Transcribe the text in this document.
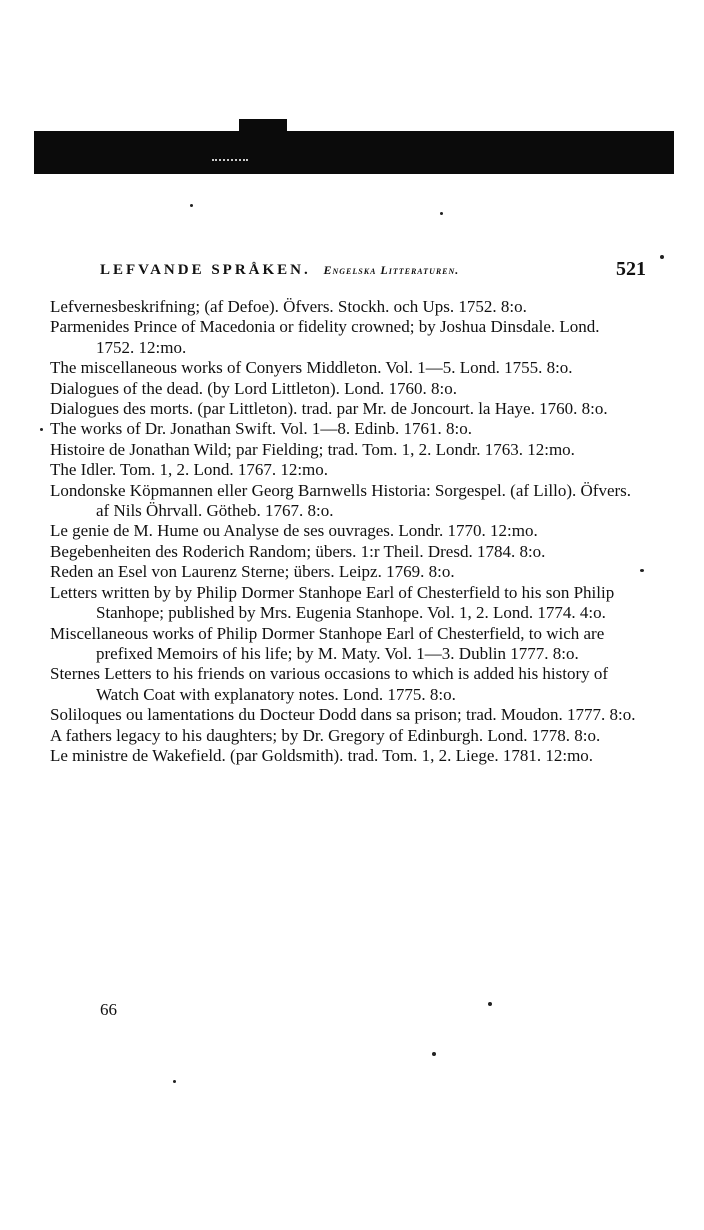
LEFVANDE SPRÅKEN. Engelska Litteraturen.	521

Lefvernesbeskrifning; (af Defoe). Öfvers. Stockh. och Ups. 1752. 8:o.

Parmenides Prince of Macedonia or fidelity crowned; by Joshua Dinsdale. Lond. 1752. 12:mo.

The miscellaneous works of Conyers Middleton. Vol. 1—5. Lond. 1755. 8:o.

Dialogues of the dead. (by Lord Littleton). Lond. 1760. 8:o.

Dialogues des morts. (par Littleton). trad. par Mr. de Joncourt. la Haye. 1760. 8:o.

The works of Dr. Jonathan Swift. Vol. 1—8. Edinb. 1761. 8:o.

Histoire de Jonathan Wild; par Fielding; trad. Tom. 1, 2. Londr. 1763. 12:mo.

The Idler. Tom. 1, 2. Lond. 1767. 12:mo.

Londonske Köpmannen eller Georg Barnwells Historia: Sorgespel. (af Lillo). Öfvers. af Nils Öhrvall. Götheb. 1767. 8:o.

Le genie de M. Hume ou Analyse de ses ouvrages. Londr. 1770. 12:mo.

Begebenheiten des Roderich Random; übers. 1:r Theil. Dresd. 1784. 8:o.

Reden an Esel von Laurenz Sterne; übers. Leipz. 1769. 8:o.

Letters written by by Philip Dormer Stanhope Earl of Chesterfield to his son Philip Stanhope; published by Mrs. Eugenia Stanhope. Vol. 1, 2. Lond. 1774. 4:o.

Miscellaneous works of Philip Dormer Stanhope Earl of Chesterfield, to wich are prefixed Memoirs of his life; by M. Maty. Vol. 1—3. Dublin 1777. 8:o.

Sternes Letters to his friends on various occasions to which is added his history of Watch Coat with explanatory notes. Lond. 1775. 8:o.

Soliloques ou lamentations du Docteur Dodd dans sa prison; trad. Moudon. 1777. 8:o.

A fathers legacy to his daughters; by Dr. Gregory of Edinburgh. Lond. 1778. 8:o.

Le ministre de Wakefield. (par Goldsmith). trad. Tom. 1, 2. Liege. 1781. 12:mo.

66
